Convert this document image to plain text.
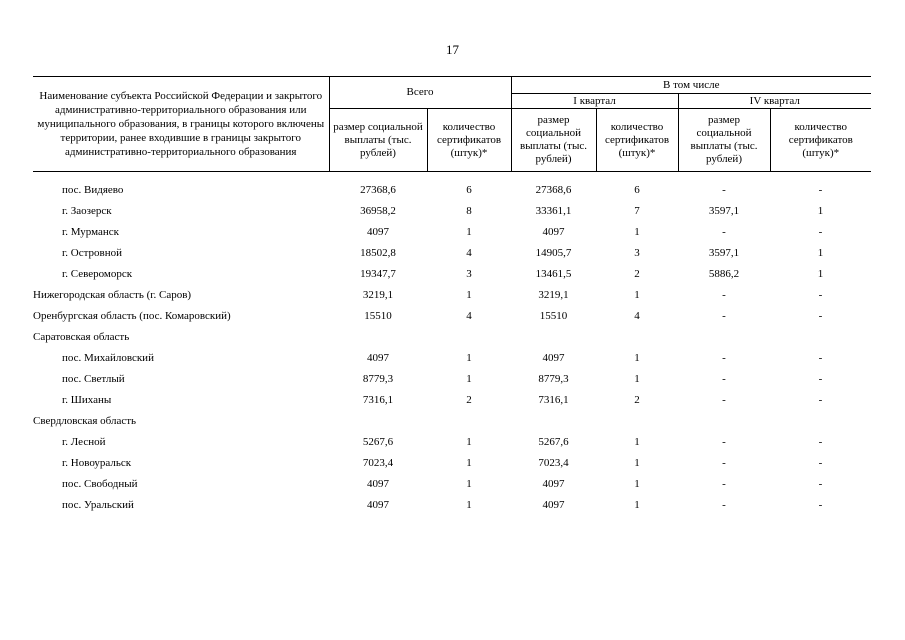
17
Наименование субъекта Российской Федерации и закрытого административно-территориального образования или муниципального образования, в границы которого включены территории, ранее входившие в границы закрытого административно-территориального образования	Всего		В том числе			
			I квартал		IV квартал	
	размер социальной выплаты (тыс. рублей)	количество сертификатов (штук)*	размер социальной выплаты (тыс. рублей)	количество сертификатов (штук)*	размер социальной выплаты (тыс. рублей)	количество сертификатов (штук)*

пос. Видяево	27368,6	6	27368,6	6	-	-
г. Заозерск	36958,2	8	33361,1	7	3597,1	1
г. Мурманск	4097	1	4097	1	-	-
г. Островной	18502,8	4	14905,7	3	3597,1	1
г. Североморск	19347,7	3	13461,5	2	5886,2	1
Нижегородская область (г. Саров)	3219,1	1	3219,1	1	-	-
Оренбургская область (пос. Комаровский)	15510	4	15510	4	-	-
Саратовская область						
пос. Михайловский	4097	1	4097	1	-	-
пос. Светлый	8779,3	1	8779,3	1	-	-
г. Шиханы	7316,1	2	7316,1	2	-	-
Свердловская область						
г. Лесной	5267,6	1	5267,6	1	-	-
г. Новоуральск	7023,4	1	7023,4	1	-	-
пос. Свободный	4097	1	4097	1	-	-
пос. Уральский	4097	1	4097	1	-	-
